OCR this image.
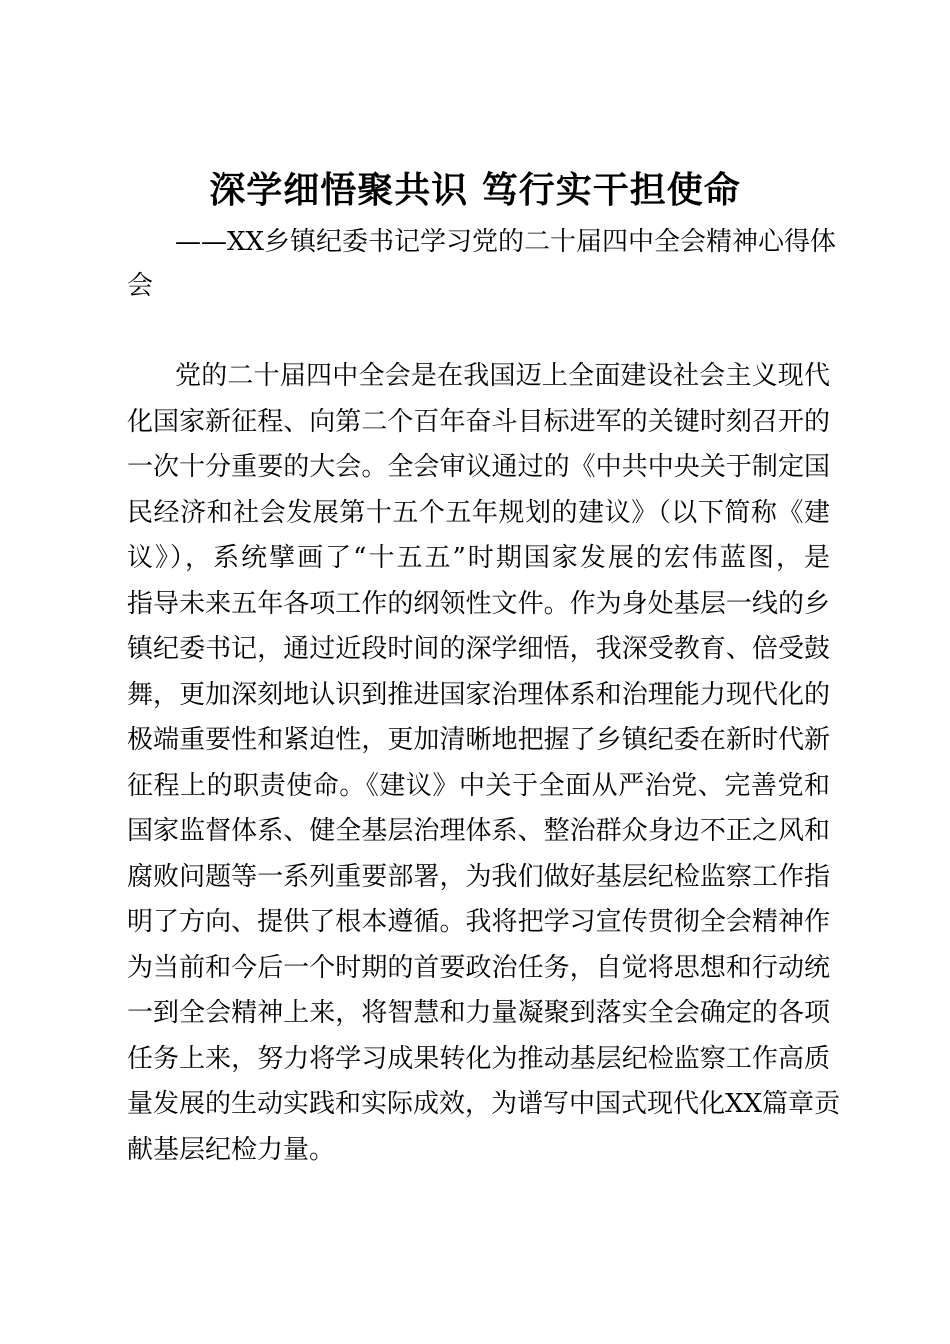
深学细悟聚共识 笃行实干担使命
——XX乡镇纪委书记学习党的二十届四中全会精神心得体
会
党的二十届四中全会是在我国迈上全面建设社会主义现代
化国家新征程、向第二个百年奋斗目标进军的关键时刻召开的
一次十分重要的大会。全会审议通过的《中共中央关于制定国
民经济和社会发展第十五个五年规划的建议》（以下简称《建
议》），系统擘画了“十五五”时期国家发展的宏伟蓝图，是
指导未来五年各项工作的纲领性文件。作为身处基层一线的乡
镇纪委书记，通过近段时间的深学细悟，我深受教育、倍受鼓
舞，更加深刻地认识到推进国家治理体系和治理能力现代化的
极端重要性和紧迫性，更加清晰地把握了乡镇纪委在新时代新
征程上的职责使命。《建议》中关于全面从严治党、完善党和
国家监督体系、健全基层治理体系、整治群众身边不正之风和
腐败问题等一系列重要部署，为我们做好基层纪检监察工作指
明了方向、提供了根本遵循。我将把学习宣传贯彻全会精神作
为当前和今后一个时期的首要政治任务，自觉将思想和行动统
一到全会精神上来，将智慧和力量凝聚到落实全会确定的各项
任务上来，努力将学习成果转化为推动基层纪检监察工作高质
量发展的生动实践和实际成效，为谱写中国式现代化XX篇章贡
献基层纪检力量。
